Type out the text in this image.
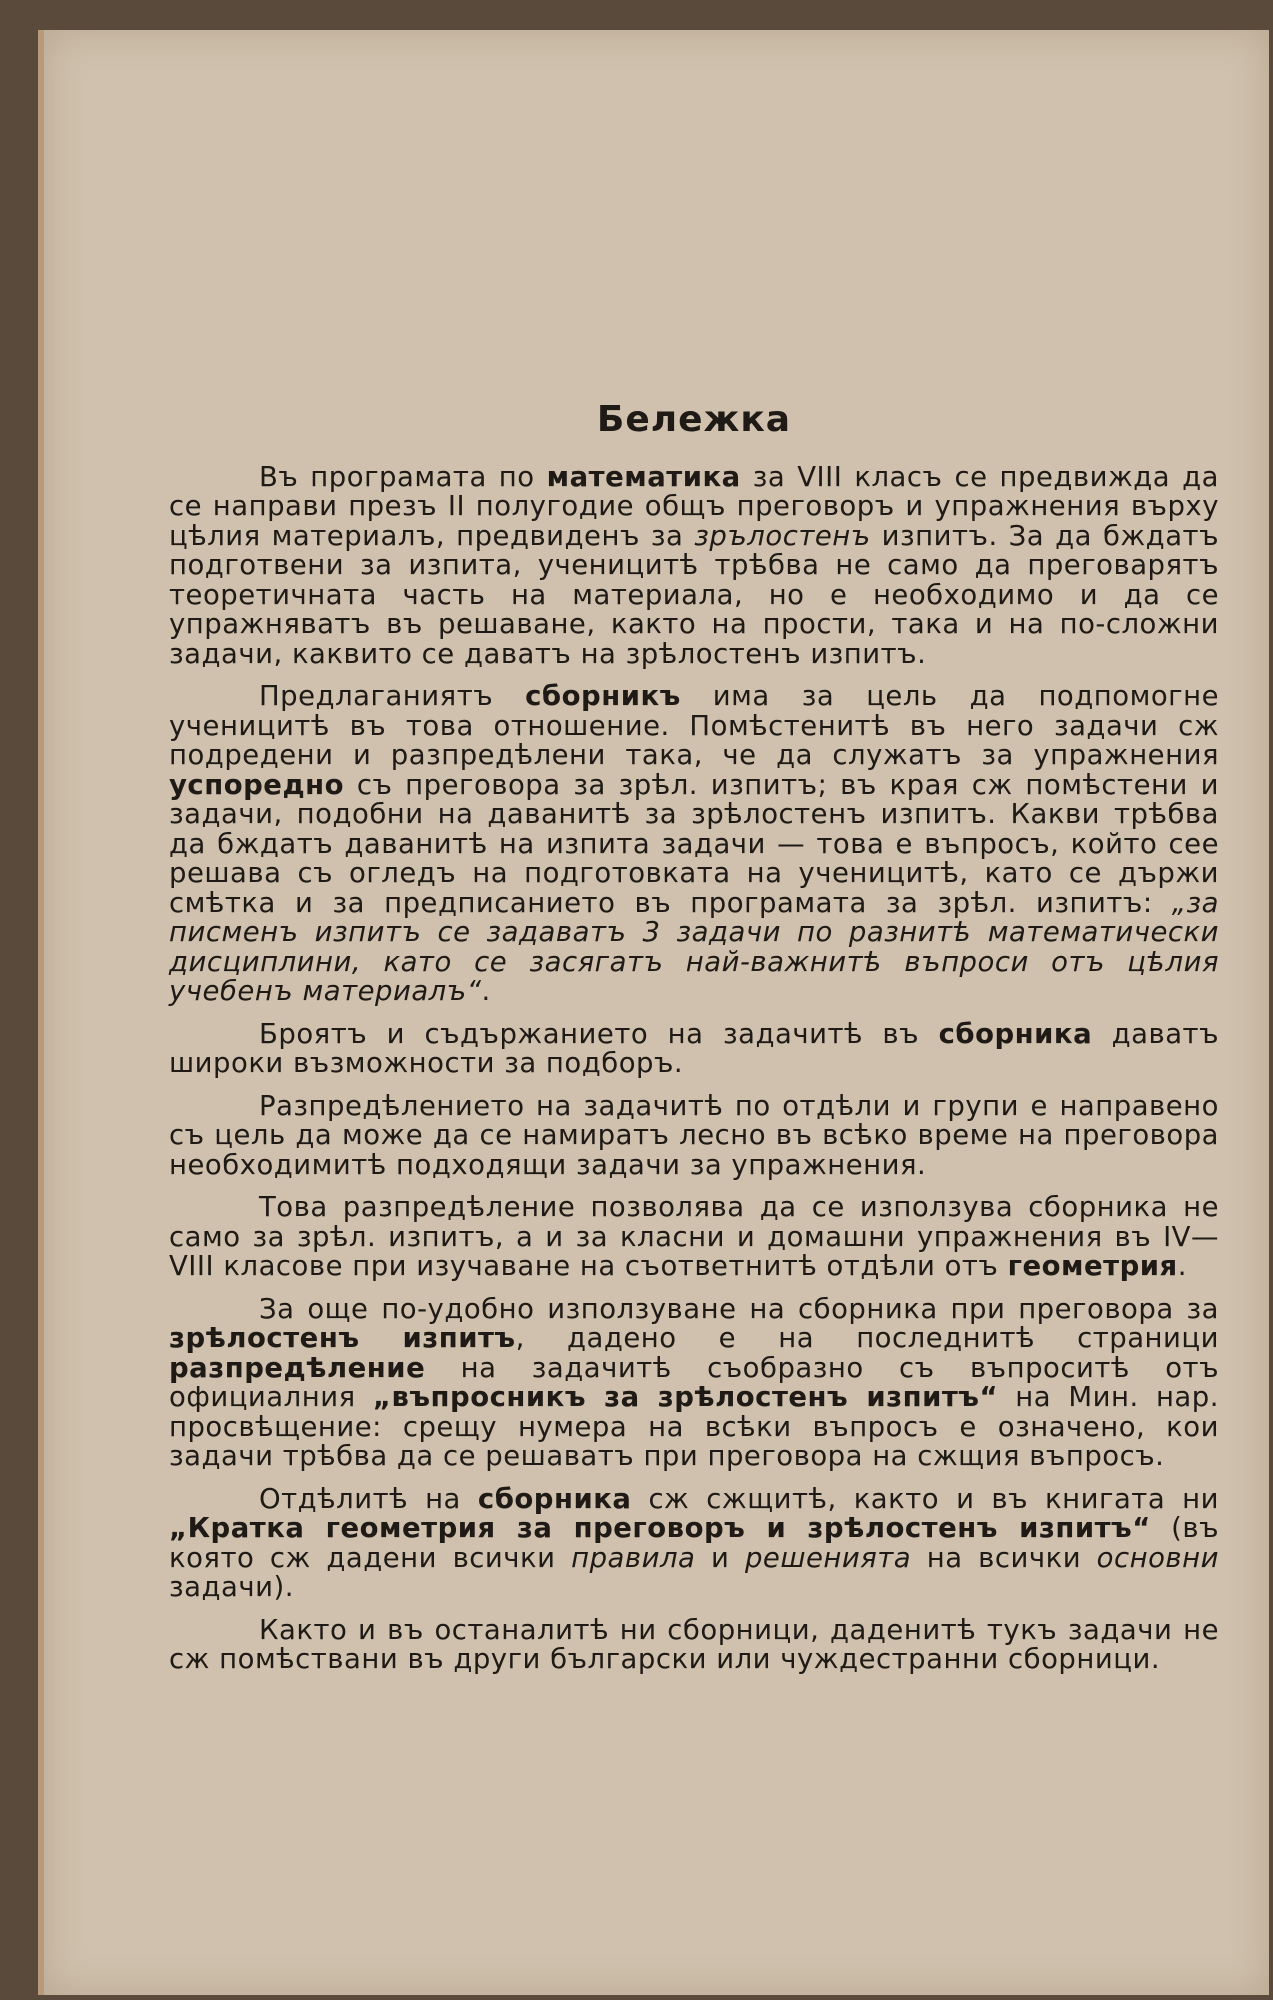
Бележка

Въ програмата по математика за VIII класъ се предвижда да се направи презъ II полугодие общъ преговоръ и упражнения върху цѣлия материалъ, предвиденъ за зрълостенъ изпитъ. За да бждатъ подготвени за изпита, ученицитѣ трѣбва не само да преговарятъ теоретичната часть на материала, но е необходимо и да се упражняватъ въ решаване, както на прости, така и на по-сложни задачи, каквито се даватъ на зрѣлостенъ изпитъ.

Предлаганиятъ сборникъ има за цель да подпомогне ученицитѣ въ това отношение. Помѣстенитѣ въ него задачи сж подредени и разпредѣлени така, че да служатъ за упражнения успоредно съ преговора за зрѣл. изпитъ; въ края сж помѣстени и задачи, подобни на даванитѣ за зрѣлостенъ изпитъ. Какви трѣбва да бждатъ даванитѣ на изпита задачи — това е въпросъ, който сее решава съ огледъ на подготовката на ученицитѣ, като се държи смѣтка и за предписанието въ програмата за зрѣл. изпитъ: „за писменъ изпитъ се задаватъ 3 задачи по разнитѣ математически дисциплини, като се засягатъ най-важнитѣ въпроси отъ цѣлия учебенъ материалъ“.

Броятъ и съдържанието на задачитѣ въ сборника даватъ широки възможности за подборъ.

Разпредѣлението на задачитѣ по отдѣли и групи е направено съ цель да може да се намиратъ лесно въ всѣко време на преговора необходимитѣ подходящи задачи за упражнения.

Това разпредѣление позволява да се използува сборника не само за зрѣл. изпитъ, а и за класни и домашни упражнения въ IV—VIII класове при изучаване на съответнитѣ отдѣли отъ геометрия.

За още по-удобно използуване на сборника при преговора за зрѣлостенъ изпитъ, дадено е на последнитѣ страници разпредѣление на задачитѣ съобразно съ въпроситѣ отъ официалния „въпросникъ за зрѣлостенъ изпитъ“ на Мин. нар. просвѣщение: срещу нумера на всѣки въпросъ е означено, кои задачи трѣбва да се решаватъ при преговора на сжщия въпросъ.

Отдѣлитѣ на сборника сж сжщитѣ, както и въ книгата ни „Кратка геометрия за преговоръ и зрѣлостенъ изпитъ“ (въ която сж дадени всички правила и решенията на всички основни задачи).

Както и въ останалитѣ ни сборници, даденитѣ тукъ задачи не сж помѣствани въ други български или чуждестранни сборници.
